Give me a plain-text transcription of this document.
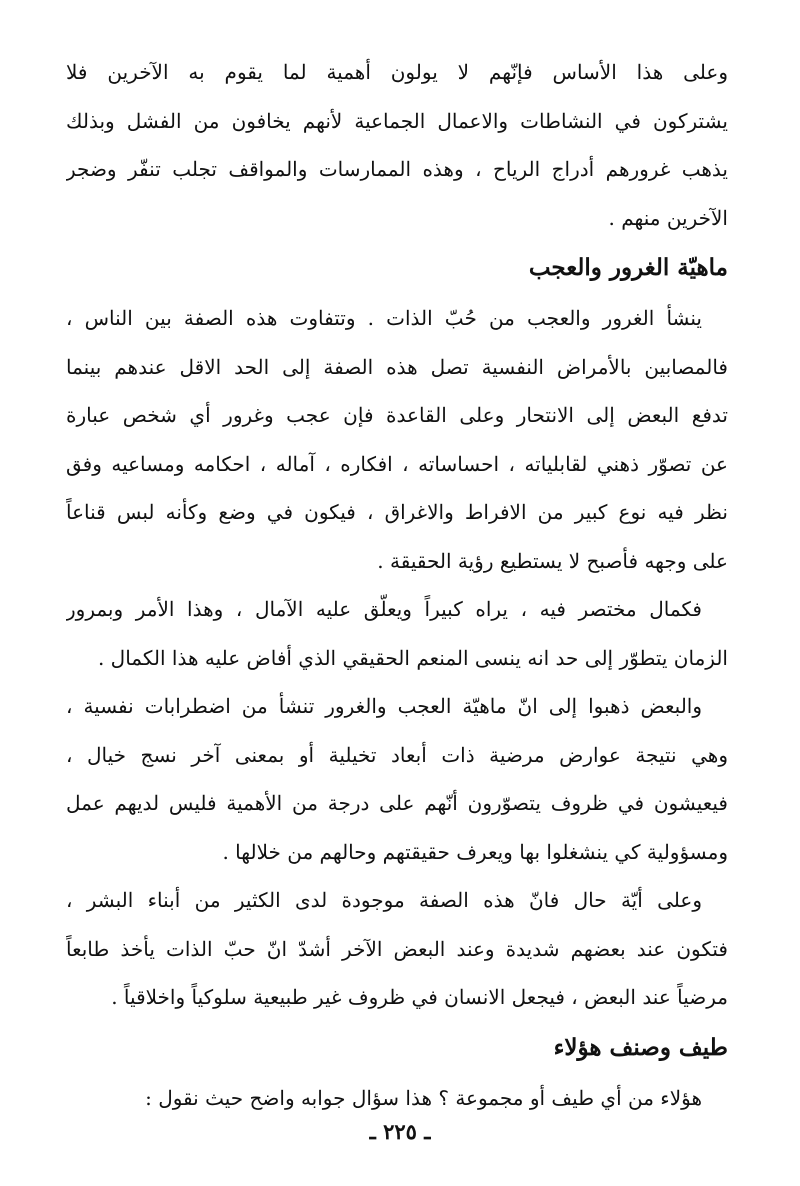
وعلى هذا الأساس فإنّهم لا يولون أهمية لما يقوم به الآخرين فلا

يشتركون في النشاطات والاعمال الجماعية لأنهم يخافون من الفشل وبذلك

يذهب غرورهم أدراج الرياح ، وهذه الممارسات والمواقف تجلب تنفّر وضجر

الآخرين منهم .

ماهيّة الغرور والعجب

ينشأ الغرور والعجب من حُبّ الذات . وتتفاوت هذه الصفة بين الناس ،

فالمصابين بالأمراض النفسية تصل هذه الصفة إلى الحد الاقل عندهم بينما

تدفع البعض إلى الانتحار وعلى القاعدة فإن عجب وغرور أي شخص عبارة

عن تصوّر ذهني لقابلياته ، احساساته ، افكاره ، آماله ، احكامه ومساعيه وفق

نظر فيه نوع كبير من الافراط والاغراق ، فيكون في وضع وكأنه لبس قناعاً

على وجهه فأصبح لا يستطيع رؤية الحقيقة .

فكمال مختصر فيه ، يراه كبيراً ويعلّق عليه الآمال ، وهذا الأمر وبمرور

الزمان يتطوّر إلى حد انه ينسى المنعم الحقيقي الذي أفاض عليه هذا الكمال .

والبعض ذهبوا إلى انّ ماهيّة العجب والغرور تنشأ من اضطرابات نفسية ،

وهي نتيجة عوارض مرضية ذات أبعاد تخيلية أو بمعنى آخر نسج خيال ،

فيعيشون في ظروف يتصوّرون أنّهم على درجة من الأهمية فليس لديهم عمل

ومسؤولية كي ينشغلوا بها ويعرف حقيقتهم وحالهم من خلالها .

وعلى أيّة حال فانّ هذه الصفة موجودة لدى الكثير من أبناء البشر ،

فتكون عند بعضهم شديدة وعند البعض الآخر أشدّ انّ حبّ الذات يأخذ طابعاً

مرضياً عند البعض ، فيجعل الانسان في ظروف غير طبيعية سلوكياً واخلاقياً .

طيف وصنف هؤلاء

هؤلاء من أي طيف أو مجموعة ؟ هذا سؤال جوابه واضح حيث نقول :

ـ ٢٢٥ ـ
